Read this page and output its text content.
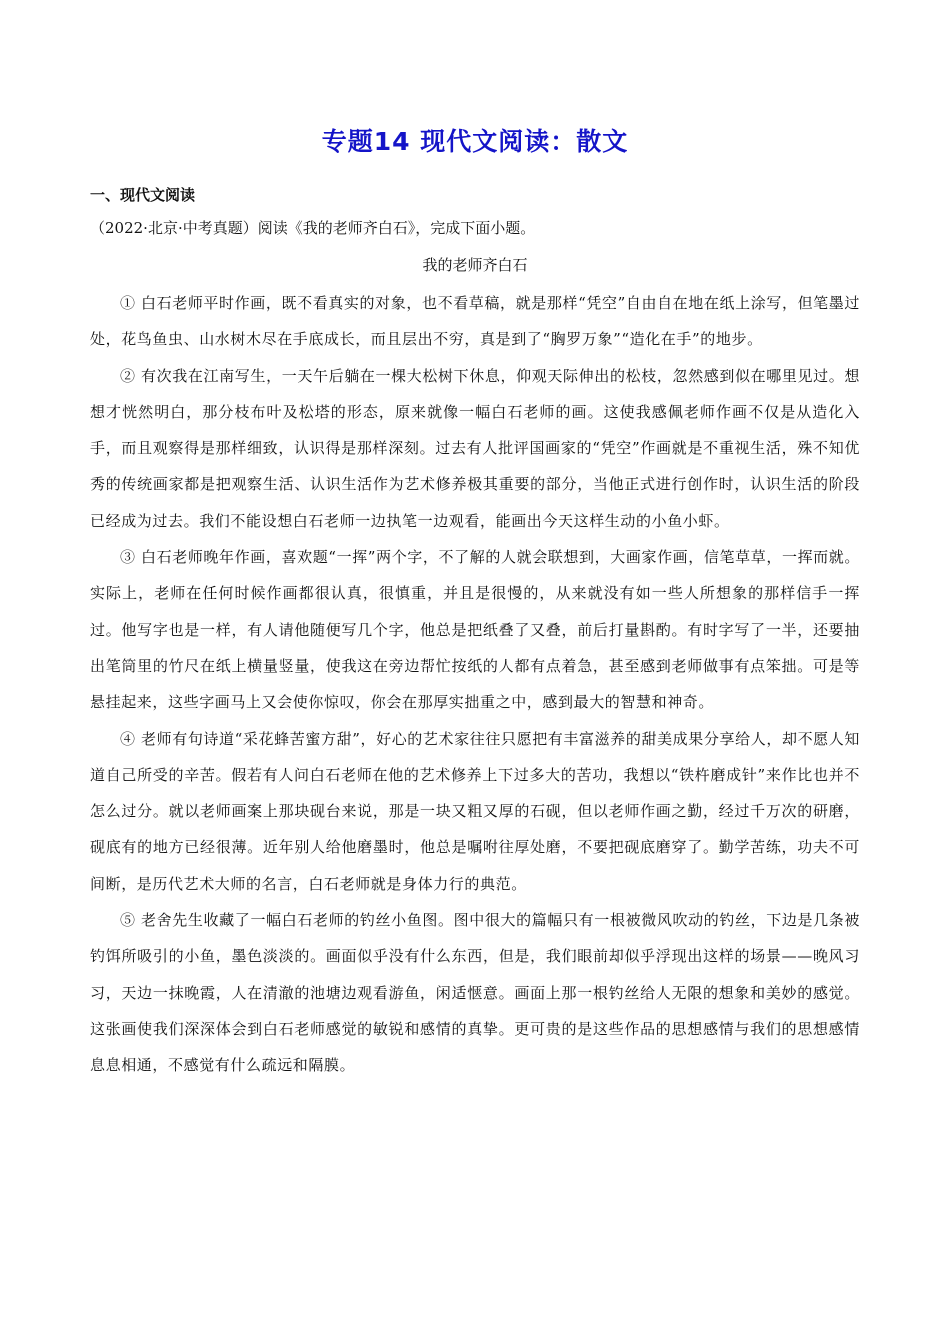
专题14 现代文阅读：散文
一、现代文阅读
（2022·北京·中考真题）阅读《我的老师齐白石》，完成下面小题。
我的老师齐白石

① 白石老师平时作画，既不看真实的对象，也不看草稿，就是那样“凭空”自由自在地在纸上涂写，但笔墨过处，花鸟鱼虫、山水树木尽在手底成长，而且层出不穷，真是到了“胸罗万象”“造化在手”的地步。

② 有次我在江南写生，一天午后躺在一棵大松树下休息，仰观天际伸出的松枝，忽然感到似在哪里见过。想想才恍然明白，那分枝布叶及松塔的形态，原来就像一幅白石老师的画。这使我感佩老师作画不仅是从造化入手，而且观察得是那样细致，认识得是那样深刻。过去有人批评国画家的“凭空”作画就是不重视生活，殊不知优秀的传统画家都是把观察生活、认识生活作为艺术修养极其重要的部分，当他正式进行创作时，认识生活的阶段已经成为过去。我们不能设想白石老师一边执笔一边观看，能画出今天这样生动的小鱼小虾。

③ 白石老师晚年作画，喜欢题“一挥”两个字，不了解的人就会联想到，大画家作画，信笔草草，一挥而就。实际上，老师在任何时候作画都很认真，很慎重，并且是很慢的，从来就没有如一些人所想象的那样信手一挥过。他写字也是一样，有人请他随便写几个字，他总是把纸叠了又叠，前后打量斟酌。有时字写了一半，还要抽出笔筒里的竹尺在纸上横量竖量，使我这在旁边帮忙按纸的人都有点着急，甚至感到老师做事有点笨拙。可是等悬挂起来，这些字画马上又会使你惊叹，你会在那厚实拙重之中，感到最大的智慧和神奇。

④ 老师有句诗道“采花蜂苦蜜方甜”，好心的艺术家往往只愿把有丰富滋养的甜美成果分享给人，却不愿人知道自己所受的辛苦。假若有人问白石老师在他的艺术修养上下过多大的苦功，我想以“铁杵磨成针”来作比也并不怎么过分。就以老师画案上那块砚台来说，那是一块又粗又厚的石砚，但以老师作画之勤，经过千万次的研磨，砚底有的地方已经很薄。近年别人给他磨墨时，他总是嘱咐往厚处磨，不要把砚底磨穿了。勤学苦练，功夫不可间断，是历代艺术大师的名言，白石老师就是身体力行的典范。

⑤ 老舍先生收藏了一幅白石老师的钓丝小鱼图。图中很大的篇幅只有一根被微风吹动的钓丝，下边是几条被钓饵所吸引的小鱼，墨色淡淡的。画面似乎没有什么东西，但是，我们眼前却似乎浮现出这样的场景——晚风习习，天边一抹晚霞，人在清澈的池塘边观看游鱼，闲适惬意。画面上那一根钓丝给人无限的想象和美妙的感觉。这张画使我们深深体会到白石老师感觉的敏锐和感情的真挚。更可贵的是这些作品的思想感情与我们的思想感情息息相通，不感觉有什么疏远和隔膜。
